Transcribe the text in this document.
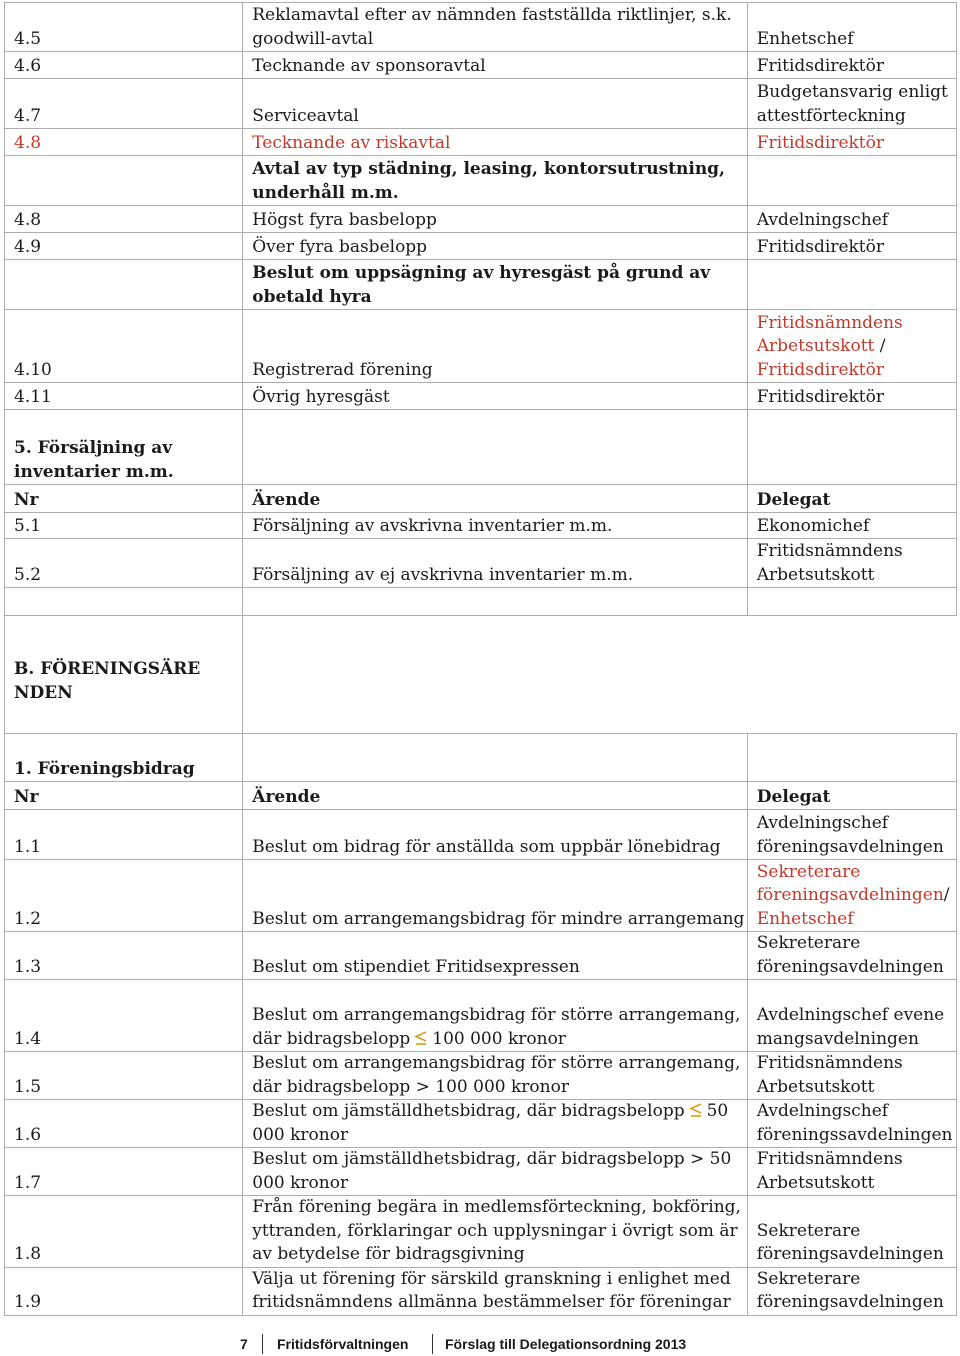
4.5	Reklamavtal efter av nämnden fastställda riktlinjer, s.k. goodwill-avtal	Enhetschef
4.6	Tecknande av sponsoravtal	Fritidsdirektör
4.7	Serviceavtal	Budgetansvarig enligt attestförteckning
4.8	Tecknande av riskavtal	Fritidsdirektör
	Avtal av typ städning, leasing, kontorsutrustning, underhåll m.m.	
4.8	Högst fyra basbelopp	Avdelningschef
4.9	Över fyra basbelopp	Fritidsdirektör
	Beslut om uppsägning av hyresgäst på grund av obetald hyra	
4.10	Registrerad förening	Fritidsnämndens Arbetsutskott /
Fritidsdirektör
4.11	Övrig hyresgäst	Fritidsdirektör
5. Försäljning av inventarier m.m.		
Nr	Ärende	Delegat
5.1	Försäljning av avskrivna inventarier m.m.	Ekonomichef
5.2	Försäljning av ej avskrivna inventarier m.m.	Fritidsnämndens Arbetsutskott

B. FÖRENINGSÄRE NDEN		
1. Föreningsbidrag		
Nr	Ärende	Delegat
1.1	Beslut om bidrag för anställda som uppbär lönebidrag	Avdelningschef föreningsavdelningen
1.2	Beslut om arrangemangsbidrag för mindre arrangemang	Sekreterare föreningsavdelningen/
Enhetschef
1.3	Beslut om stipendiet Fritidsexpressen	Sekreterare föreningsavdelningen
1.4	Beslut om arrangemangsbidrag för större arrangemang, där bidragsbelopp 100 000 kronor	Avdelningschef evenemangsavdelningen
1.5	Beslut om arrangemangsbidrag för större arrangemang, där bidragsbelopp > 100 000 kronor	Fritidsnämndens Arbetsutskott
1.6	Beslut om jämställdhetsbidrag, där bidragsbelopp 50 000 kronor	Avdelningschef föreningssavdelningen
1.7	Beslut om jämställdhetsbidrag, där bidragsbelopp > 50 000 kronor	Fritidsnämndens Arbetsutskott
1.8	Från förening begära in medlemsförteckning, bokföring, yttranden, förklaringar och upplysningar i övrigt som är av betydelse för bidragsgivning	Sekreterare föreningsavdelningen
1.9	Välja ut förening för särskild granskning i enlighet med fritidsnämndens allmänna bestämmelser för föreningar	Sekreterare föreningsavdelningen
7 Fritidsförvaltningen	Förslag till Delegationsordning 2013
